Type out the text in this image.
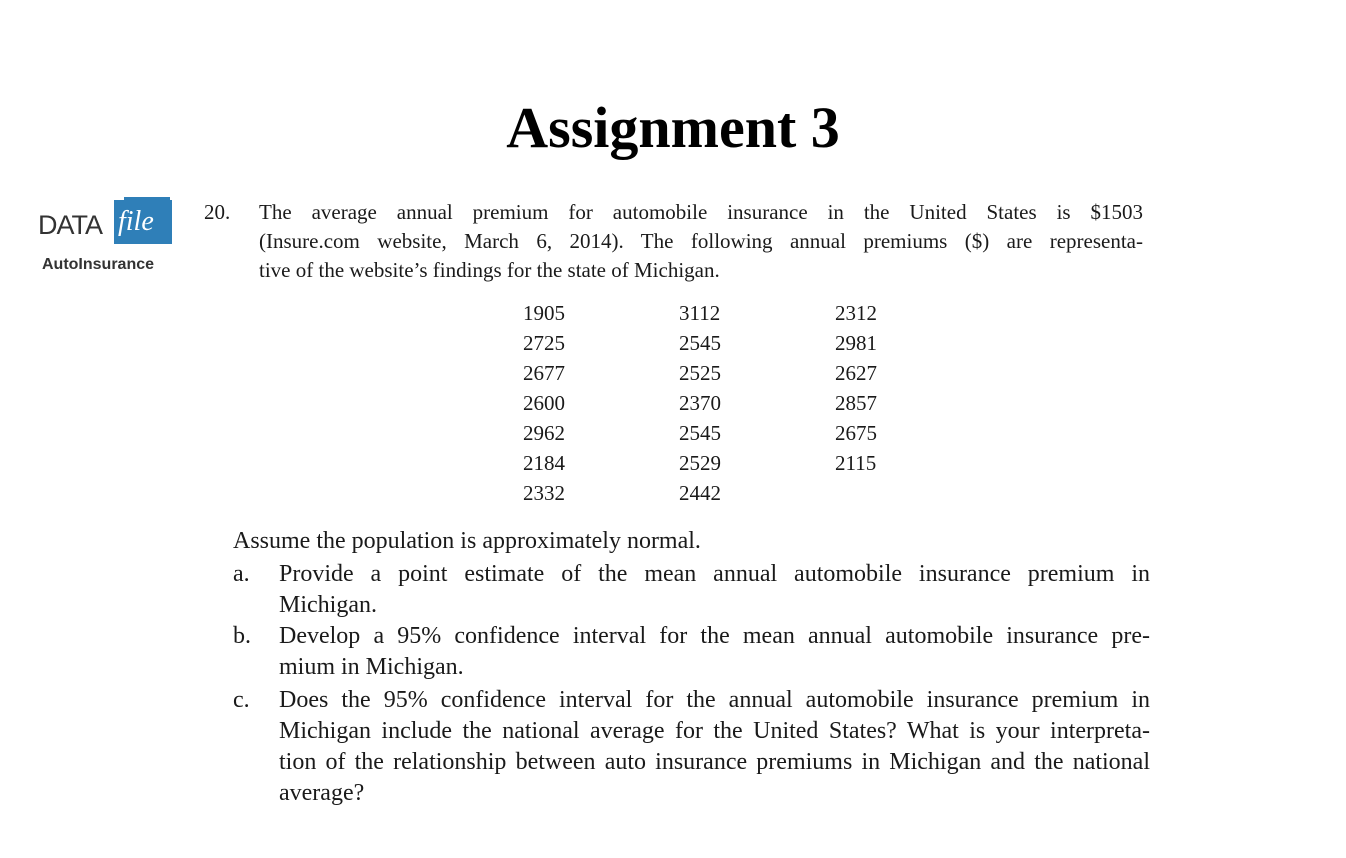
Assignment 3
DATA file
AutoInsurance
20. The average annual premium for automobile insurance in the United States is $1503
(Insure.com website, March 6, 2014). The following annual premiums ($) are representa-
tive of the website’s findings for the state of Michigan.
1905
2725
2677
2600
2962
2184
2332
3112
2545
2525
2370
2545
2529
2442
2312
2981
2627
2857
2675
2115
Assume the population is approximately normal.
a. Provide a point estimate of the mean annual automobile insurance premium in
Michigan.
b. Develop a 95% confidence interval for the mean annual automobile insurance pre-
mium in Michigan.
c. Does the 95% confidence interval for the annual automobile insurance premium in
Michigan include the national average for the United States? What is your interpreta-
tion of the relationship between auto insurance premiums in Michigan and the national
average?
